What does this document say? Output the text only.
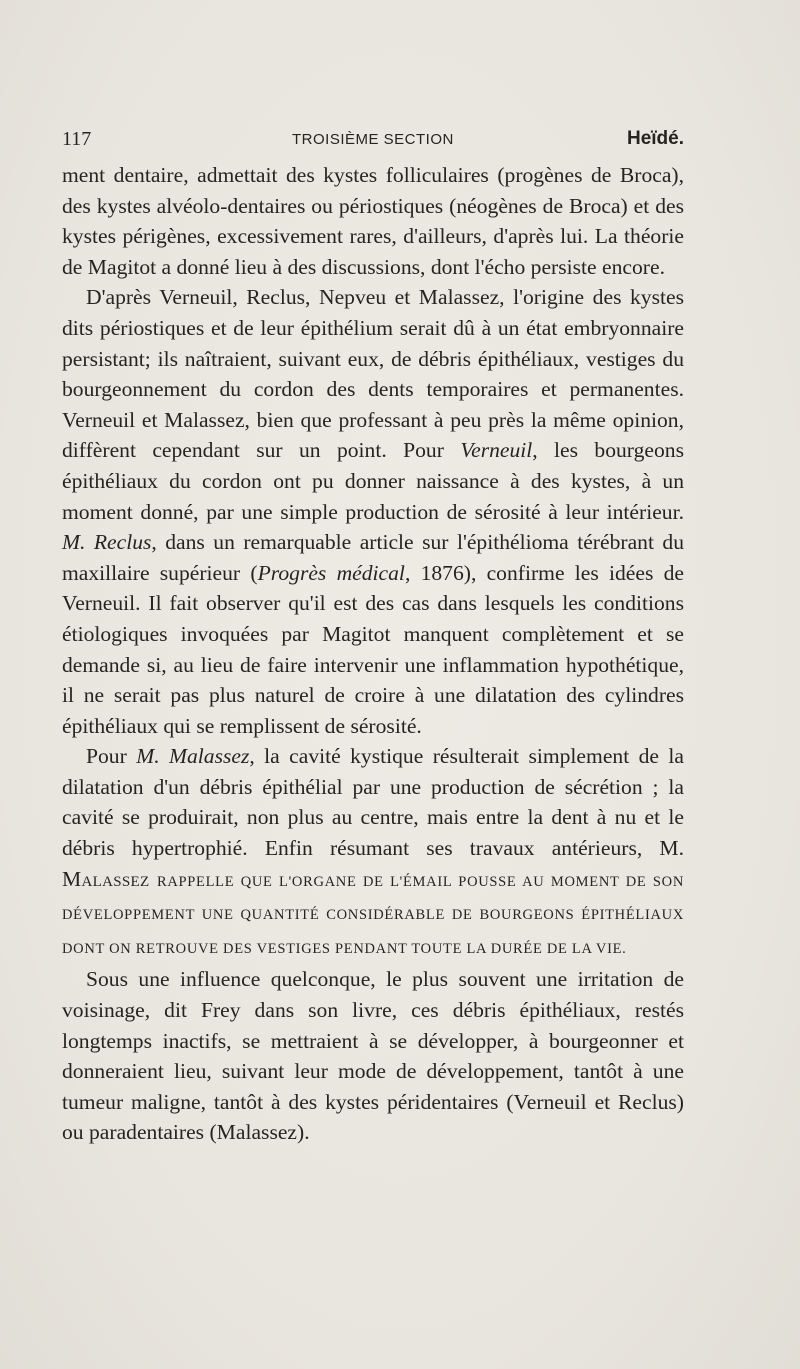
117	TROISIÈME SECTION	Heïdé.

ment dentaire, admettait des kystes folliculaires (progènes de Broca), des kystes alvéolo-dentaires ou périostiques (néogènes de Broca) et des kystes périgènes, excessivement rares, d'ailleurs, d'après lui. La théorie de Magitot a donné lieu à des discussions, dont l'écho persiste encore.

D'après Verneuil, Reclus, Nepveu et Malassez, l'origine des kystes dits périostiques et de leur épithélium serait dû à un état embryonnaire persistant; ils naîtraient, suivant eux, de débris épithéliaux, vestiges du bourgeonnement du cordon des dents temporaires et permanentes. Verneuil et Malassez, bien que professant à peu près la même opinion, diffèrent cependant sur un point. Pour Verneuil, les bourgeons épithéliaux du cordon ont pu donner naissance à des kystes, à un moment donné, par une simple production de sérosité à leur intérieur. M. Reclus, dans un remarquable article sur l'épithélioma térébrant du maxillaire supérieur (Progrès médical, 1876), confirme les idées de Verneuil. Il fait observer qu'il est des cas dans lesquels les conditions étiologiques invoquées par Magitot manquent complètement et se demande si, au lieu de faire intervenir une inflammation hypothétique, il ne serait pas plus naturel de croire à une dilatation des cylindres épithéliaux qui se remplissent de sérosité.

Pour M. Malassez, la cavité kystique résulterait simplement de la dilatation d'un débris épithélial par une production de sécrétion ; la cavité se produirait, non plus au centre, mais entre la dent à nu et le débris hypertrophié. Enfin résumant ses travaux antérieurs, M. Malassez RAPPELLE QUE L'ORGANE DE L'ÉMAIL POUSSE AU MOMENT DE SON DÉVELOPPEMENT UNE QUANTITÉ CONSIDÉRABLE DE BOURGEONS ÉPITHÉLIAUX DONT ON RETROUVE DES VESTIGES PENDANT TOUTE LA DURÉE DE LA VIE.

Sous une influence quelconque, le plus souvent une irritation de voisinage, dit Frey dans son livre, ces débris épithéliaux, restés longtemps inactifs, se mettraient à se développer, à bourgeonner et donneraient lieu, suivant leur mode de développement, tantôt à une tumeur maligne, tantôt à des kystes péridentaires (Verneuil et Reclus) ou paradentaires (Malassez).
